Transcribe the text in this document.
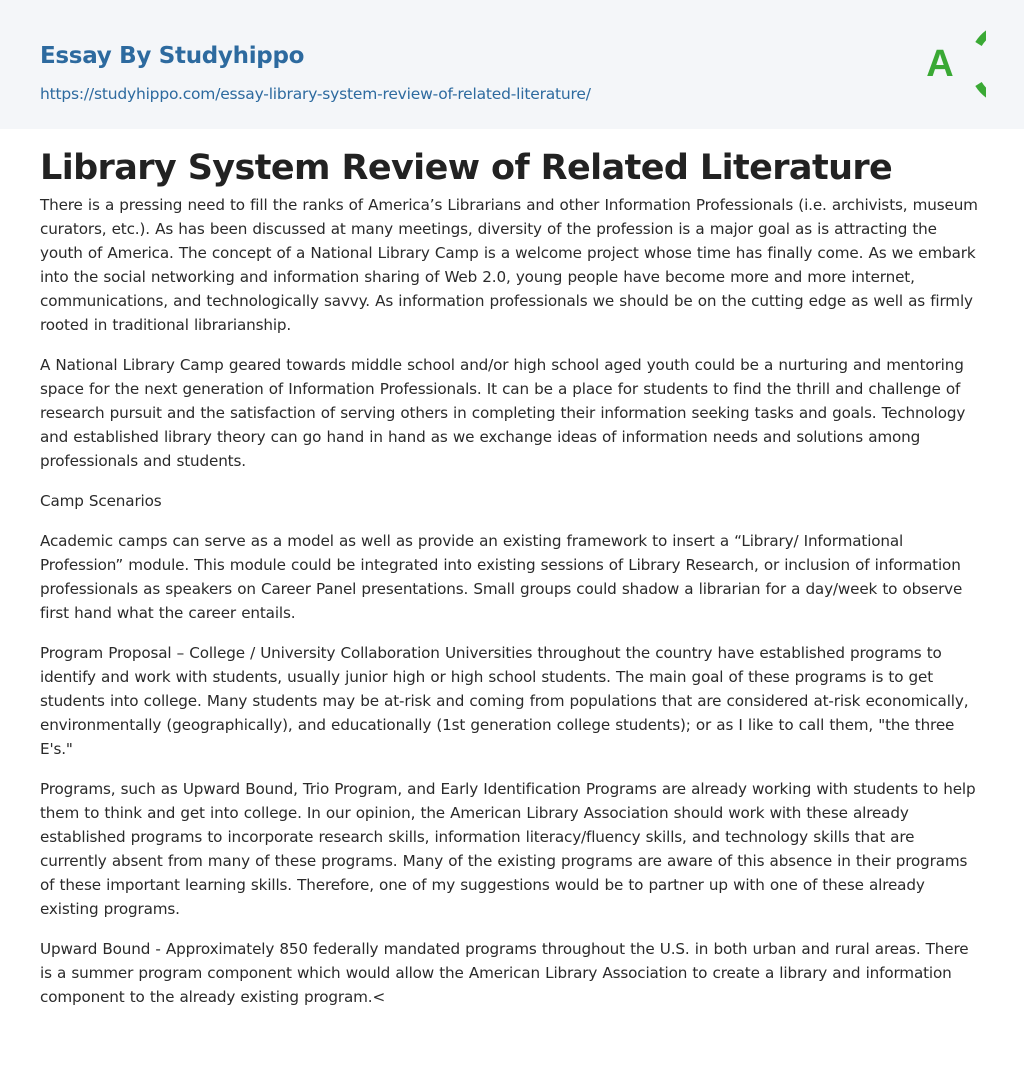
Essay By Studyhippo
https://studyhippo.com/essay-library-system-review-of-related-literature/
A
Library System Review of Related Literature

There is a pressing need to fill the ranks of America’s Librarians and other Information Professionals (i.e. archivists, museum curators, etc.). As has been discussed at many meetings, diversity of the profession is a major goal as is attracting the youth of America. The concept of a National Library Camp is a welcome project whose time has finally come. As we embark into the social networking and information sharing of Web 2.0, young people have become more and more internet, communications, and technologically savvy. As information professionals we should be on the cutting edge as well as firmly rooted in traditional librarianship.

A National Library Camp geared towards middle school and/or high school aged youth could be a nurturing and mentoring space for the next generation of Information Professionals. It can be a place for students to find the thrill and challenge of research pursuit and the satisfaction of serving others in completing their information seeking tasks and goals. Technology and established library theory can go hand in hand as we exchange ideas of information needs and solutions among professionals and students.

Camp Scenarios

Academic camps can serve as a model as well as provide an existing framework to insert a “Library/ Informational Profession” module. This module could be integrated into existing sessions of Library Research, or inclusion of information professionals as speakers on Career Panel presentations. Small groups could shadow a librarian for a day/week to observe first hand what the career entails.

Program Proposal – College / University Collaboration Universities throughout the country have established programs to identify and work with students, usually junior high or high school students. The main goal of these programs is to get students into college. Many students may be at-risk and coming from populations that are considered at-risk economically, environmentally (geographically), and educationally (1st generation college students); or as I like to call them, "the three E's."

Programs, such as Upward Bound, Trio Program, and Early Identification Programs are already working with students to help them to think and get into college. In our opinion, the American Library Association should work with these already established programs to incorporate research skills, information literacy/fluency skills, and technology skills that are currently absent from many of these programs. Many of the existing programs are aware of this absence in their programs of these important learning skills. Therefore, one of my suggestions would be to partner up with one of these already existing programs.

Upward Bound - Approximately 850 federally mandated programs throughout the U.S. in both urban and rural areas. There is a summer program component which would allow the American Library Association to create a library and information component to the already existing program.<
